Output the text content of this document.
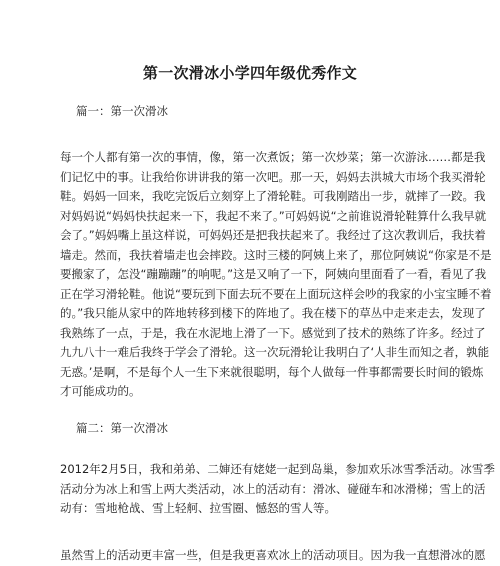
第一次滑冰小学四年级优秀作文
篇一：第一次滑冰
每一个人都有第一次的事情，像，第一次煮饭；第一次炒菜；第一次游泳……都是我
们记忆中的事。让我给你讲讲我的第一次吧。那一天，妈妈去洪城大市场个我买滑轮
鞋。妈妈一回来，我吃完饭后立刻穿上了滑轮鞋。可我刚踏出一步，就摔了一跤。我
对妈妈说“妈妈快扶起来一下，我起不来了。”可妈妈说“之前谁说滑轮鞋算什么我早就
会了。”妈妈嘴上虽这样说，可妈妈还是把我扶起来了。我经过了这次教训后，我扶着
墙走。然而，我扶着墙走也会摔跤。这时三楼的阿姨上来了，那位阿姨说“你家是不是
要搬家了，怎没“蹦蹦蹦”的响呢。”这是又响了一下，阿姨向里面看了一看，看见了我
正在学习滑轮鞋。他说“要玩到下面去玩不要在上面玩这样会吵的我家的小宝宝睡不着
的。”我只能从家中的阵地转移到楼下的阵地了。我在楼下的草丛中走来走去，发现了
我熟练了一点，于是，我在水泥地上滑了一下。感觉到了技术的熟练了许多。经过了
九九八十一难后我终于学会了滑轮。这一次玩滑轮让我明白了‘人非生而知之者，孰能
无惑。’是啊，不是每个人一生下来就很聪明，每个人做每一件事都需要长时间的锻炼
才可能成功的。
篇二：第一次滑冰
2012年2月5日，我和弟弟、二婶还有姥姥一起到岛巢，参加欢乐冰雪季活动。冰雪季
活动分为冰上和雪上两大类活动，冰上的活动有：滑冰、碰碰车和冰滑梯；雪上的活
动有：雪地枪战、雪上轻舸、拉雪圈、憾怒的雪人等。
虽然雪上的活动更丰富一些，但是我更喜欢冰上的活动项目。因为我一直想滑冰的愿
